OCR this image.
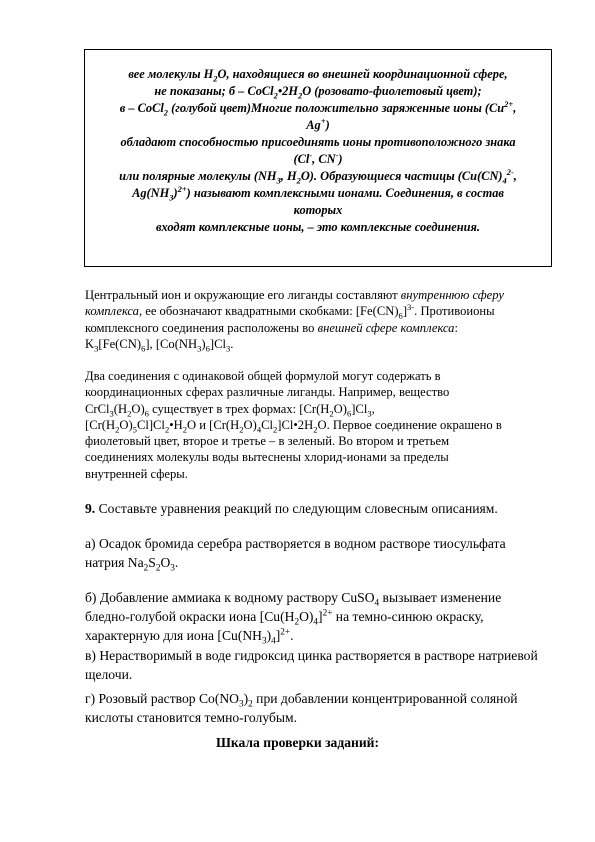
вее молекулы $H_2O$, находящиеся во внешней координационной сфере,
не показаны; б – $CoCl_2•2H_2O$ (розовато-фиолетовый цвет);
в – CoCl$_2$ (голубой цвет)Многие положительно заряженные ионы ($Cu^{2+}$,
Ag+)
обладают способностью присоединять ионы противоположного знака
(Cl-, CN-)
или полярные молекулы ($NH_3$, $H_2O$). Образующиеся частицы ($Cu(CN)_4^{2-}$,
$Ag(NH_3)^{2+}$) называют комплексными ионами. Соединения, в состав
которых
входят комплексные ионы, – это комплексные соединения.
Центральный ион и окружающие его лиганды составляют внутреннюю сферу
комплекса, ее обозначают квадратными скобками: $[Fe(CN)_6]^{3-}$. Противоионы
комплексного соединения расположены во внешней сфере комплекса:
$K_3[Fe(CN)_6]$, $[Co(NH_3)_6]Cl_3$.
Два соединения с одинаковой общей формулой могут содержать в
координационных сферах различные лиганды. Например, вещество
$CrCl_3(H_2O)_6$ существует в трех формах: $[Cr(H_2O)_6]Cl_3$,
$[Cr(H_2O)_5Cl]Cl_2•H_2O$ и $[Cr(H_2O)_4Cl_2]Cl•2H_2O$. Первое соединение окрашено в
фиолетовый цвет, второе и третье – в зеленый. Во втором и третьем
соединениях молекулы воды вытеснены хлорид-ионами за пределы
внутренней сферы.
9. Составьте уравнения реакций по следующим словесным описаниям.
а) Осадок бромида серебра растворяется в водном растворе тиосульфата
натрия $Na_2S_2O_3$.
б) Добавление аммиака к водному раствору CuSO$_4$ вызывает изменение
бледно-голубой окраски иона $[Cu(H_2O)_4]^{2+}$ на темно-синюю окраску,
характерную для иона $[Cu(NH_3)_4]^{2+}$.
в) Нерастворимый в воде гидроксид цинка растворяется в растворе натриевой
щелочи.
г) Розовый раствор $Co(NO_3)_2$ при добавлении концентрированной соляной
кислоты становится темно-голубым.
Шкала проверки заданий:
